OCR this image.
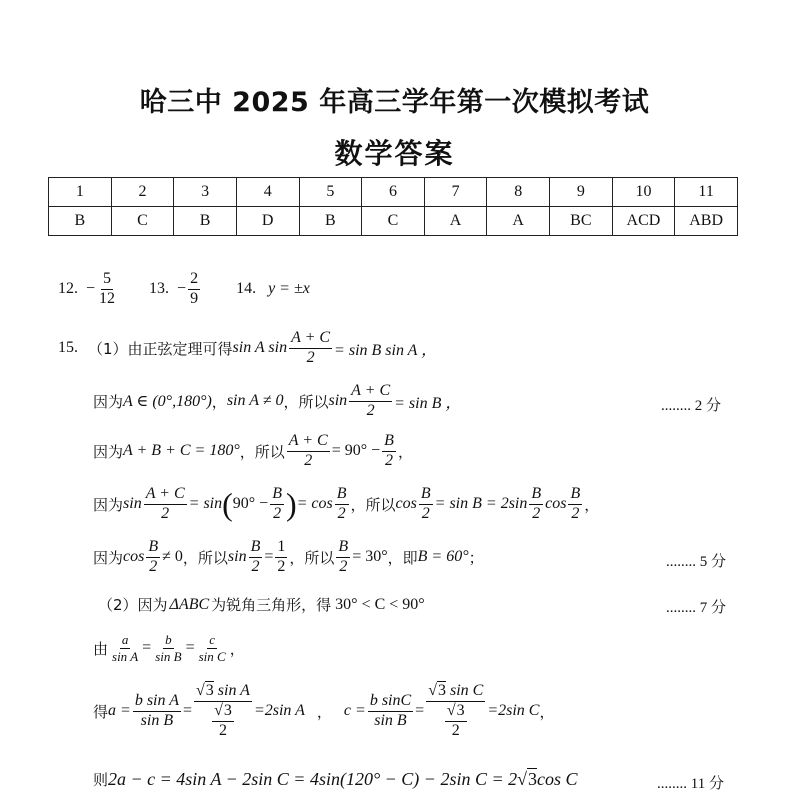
哈三中 2025 年高三学年第一次模拟考试
数学答案
1	2	3	4	5	6	7	8	9	10	11
B	C	B	D	B	C	A	A	BC	ACD	ABD
12. − $\frac{5}{12} 13$. − $\frac{2}{9} 14$. y = ±x
15. （1）由正弦定理可得 sin A $\sin \frac{A + C}{2} = \sin B$ sin A ，
因为 A ∈ (0°,180°) ， sin A ≠ 0 ，所以 $\sin \frac{A + C}{2} = \sin B$ ，	........ 2 分
因为 A + B + C = 180° ，所以 $\frac{A + C}{2} = 90^\circ - \frac{B}{2}$ ，
因为 $\sin \frac{A + C}{2} = \sin$ ( $90^\circ - \frac{B}{2}$ ) = $\cos \frac{B}{2}$ ，所以 $\cos \frac{B}{2} = \sin B = 2\sin \frac{B}{2}$ $\cos \frac{B}{2}$ ，
因为 $\cos \frac{B}{2} \ne 0$ ，所以 $\sin \frac{B}{2} = \frac{1}{2}$ ，所以 $\frac{B}{2} = 30^\circ$ ，即 B = 60° ；	........ 5 分
（2）因为 ΔABC 为锐角三角形，得 30° < C < 90°	........ 7 分
由 $\frac{a}{\text{sin A}} = \frac{b}{\text{sin B}} = \frac{c}{\text{sin C}}$ ，
得 $a = \frac{\text{b sin A}}{\text{sin B}} = \frac{\text{√3 sin A}}{\frac{√3}{2}} =2\sin$ A ， $c = \frac{\text{b sinC}}{\text{sin B}} = \frac{\text{√3 sin C}}{\frac{√3}{2}} =2\sin$ C ，
则 2a − c = 4sin A − 2sin C = 4sin(120° − C) − 2sin C = 2 √3 cos C	........ 11 分
